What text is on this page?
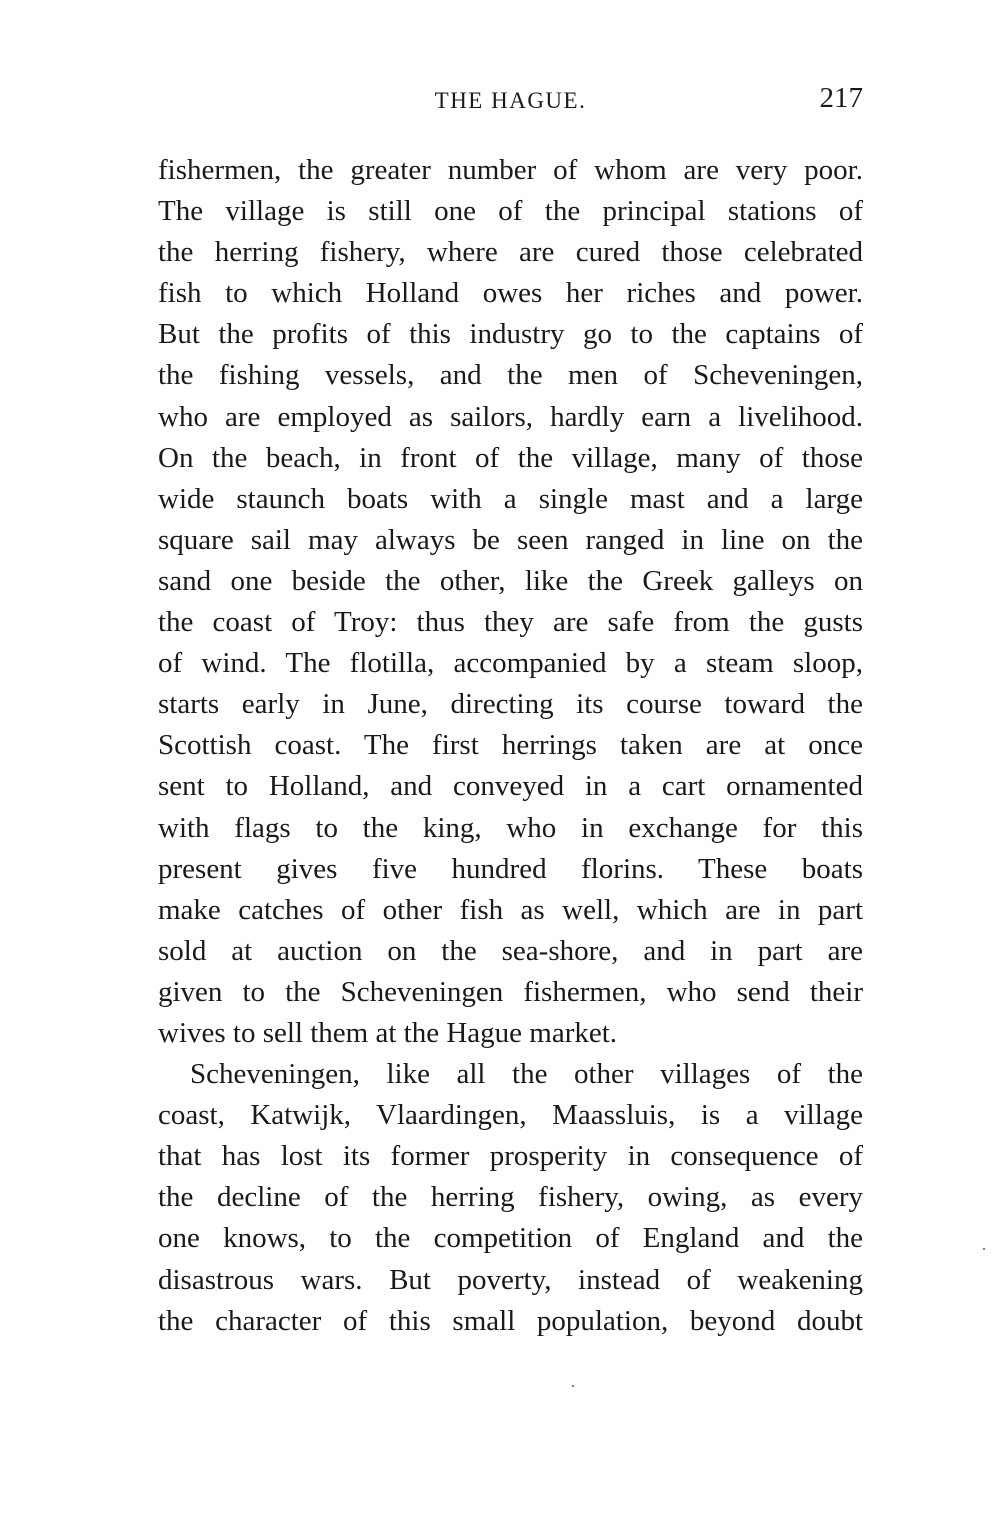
THE HAGUE.	217
fishermen, the greater number of whom are very poor.
The village is still one of the principal stations of
the herring fishery, where are cured those celebrated
fish to which Holland owes her riches and power.
But the profits of this industry go to the captains of
the fishing vessels, and the men of Scheveningen,
who are employed as sailors, hardly earn a livelihood.
On the beach, in front of the village, many of those
wide staunch boats with a single mast and a large
square sail may always be seen ranged in line on the
sand one beside the other, like the Greek galleys on
the coast of Troy: thus they are safe from the gusts
of wind. The flotilla, accompanied by a steam sloop,
starts early in June, directing its course toward the
Scottish coast. The first herrings taken are at once
sent to Holland, and conveyed in a cart ornamented
with flags to the king, who in exchange for this
present gives five hundred florins. These boats
make catches of other fish as well, which are in part
sold at auction on the sea-shore, and in part are
given to the Scheveningen fishermen, who send their
wives to sell them at the Hague market.
Scheveningen, like all the other villages of the
coast, Katwijk, Vlaardingen, Maassluis, is a village
that has lost its former prosperity in consequence of
the decline of the herring fishery, owing, as every
one knows, to the competition of England and the
disastrous wars. But poverty, instead of weakening
the character of this small population, beyond doubt
